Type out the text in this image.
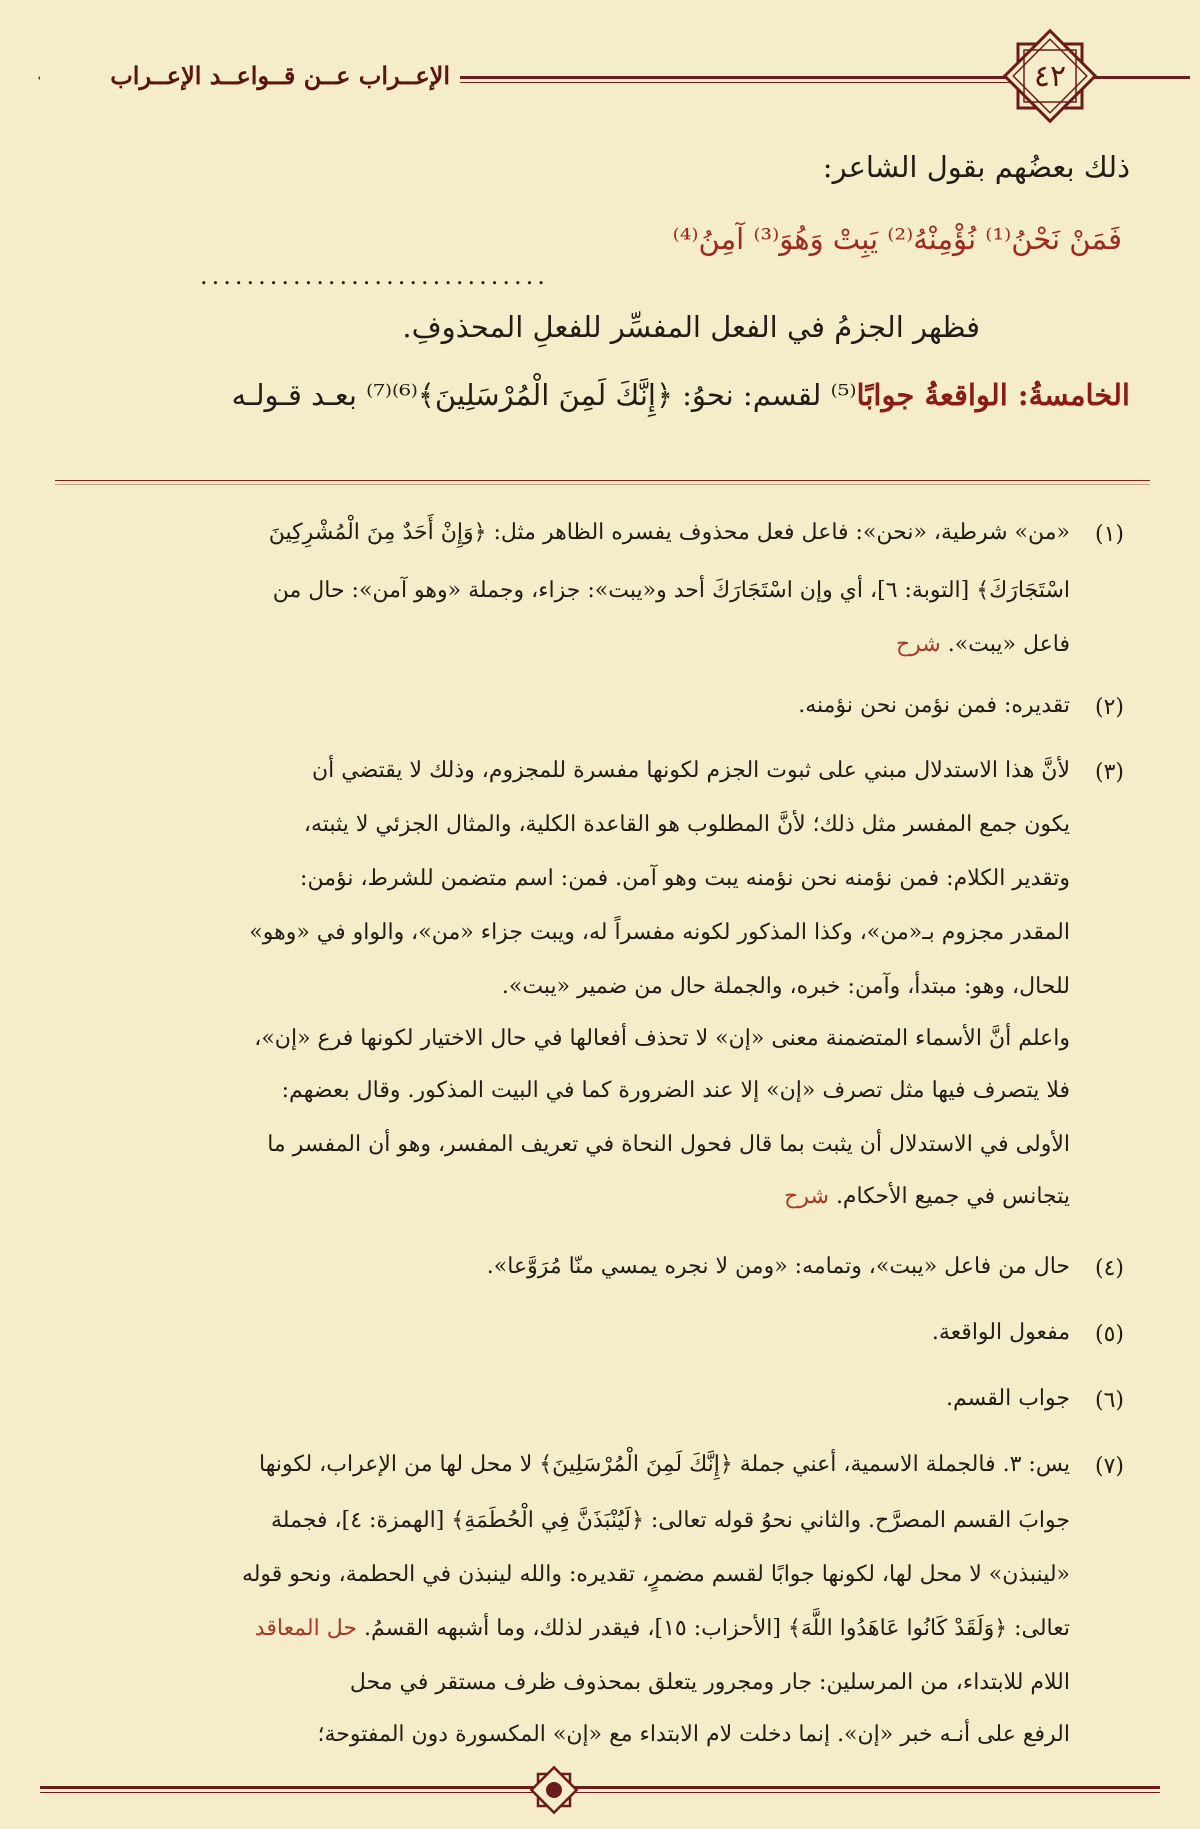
الإعــراب عــن قــواعــد الإعــراب	٤٢
ذلك بعضُهم بقول الشاعر:
فَمَنْ نَحْنُ⁽¹⁾ نُؤْمِنْهُ⁽²⁾ يَبِتْ وَهُوَ⁽³⁾ آمِنُ⁽⁴⁾
..............................
فظهر الجزمُ في الفعل المفسِّر للفعلِ المحذوفِ.
الخامسةُ: الواقعةُ جوابًا⁽⁵⁾ لقسم: نحوُ: ﴿إِنَّكَ لَمِنَ الْمُرْسَلِينَ﴾⁽⁶⁾⁽⁷⁾ بعـد قـولـه
(١)
«من» شرطية، «نحن»: فاعل فعل محذوف يفسره الظاهر مثل: ﴿وَإِنْ أَحَدٌ مِنَ الْمُشْرِكِينَ
اسْتَجَارَكَ﴾ [التوبة: ٦]، أي وإن اسْتَجَارَكَ أحد و«يبت»: جزاء، وجملة «وهو آمن»: حال من
فاعل «يبت». شرح
(٢)
تقديره: فمن نؤمن نحن نؤمنه.
(٣)
لأنَّ هذا الاستدلال مبني على ثبوت الجزم لكونها مفسرة للمجزوم، وذلك لا يقتضي أن
يكون جمع المفسر مثل ذلك؛ لأنَّ المطلوب هو القاعدة الكلية، والمثال الجزئي لا يثبته،
وتقدير الكلام: فمن نؤمنه نحن نؤمنه يبت وهو آمن. فمن: اسم متضمن للشرط، نؤمن:
المقدر مجزوم بـ«من»، وكذا المذكور لكونه مفسراً له، ويبت جزاء «من»، والواو في «وهو»
للحال، وهو: مبتدأ، وآمن: خبره، والجملة حال من ضمير «يبت».
واعلم أنَّ الأسماء المتضمنة معنى «إن» لا تحذف أفعالها في حال الاختيار لكونها فرع «إن»،
فلا يتصرف فيها مثل تصرف «إن» إلا عند الضرورة كما في البيت المذكور. وقال بعضهم:
الأولى في الاستدلال أن يثبت بما قال فحول النحاة في تعريف المفسر، وهو أن المفسر ما
يتجانس في جميع الأحكام. شرح
(٤)
حال من فاعل «يبت»، وتمامه: «ومن لا نجره يمسي منّا مُرَوَّعا».
(٥)
مفعول الواقعة.
(٦)
جواب القسم.
(٧)
يس: ٣. فالجملة الاسمية، أعني جملة ﴿إِنَّكَ لَمِنَ الْمُرْسَلِينَ﴾ لا محل لها من الإعراب، لكونها
جوابَ القسم المصرَّح. والثاني نحوُ قوله تعالى: ﴿لَيُنْبَذَنَّ فِي الْحُطَمَةِ﴾ [الهمزة: ٤]، فجملة
«لينبذن» لا محل لها، لكونها جوابًا لقسم مضمرٍ، تقديره: والله لينبذن في الحطمة، ونحو قوله
تعالى: ﴿وَلَقَدْ كَانُوا عَاهَدُوا اللَّهَ﴾ [الأحزاب: ١٥]، فيقدر لذلك، وما أشبهه القسمُ. حل المعاقد
اللام للابتداء، من المرسلين: جار ومجرور يتعلق بمحذوف ظرف مستقر في محل
الرفع على أنـه خبر «إن». إنما دخلت لام الابتداء مع «إن» المكسورة دون المفتوحة؛
